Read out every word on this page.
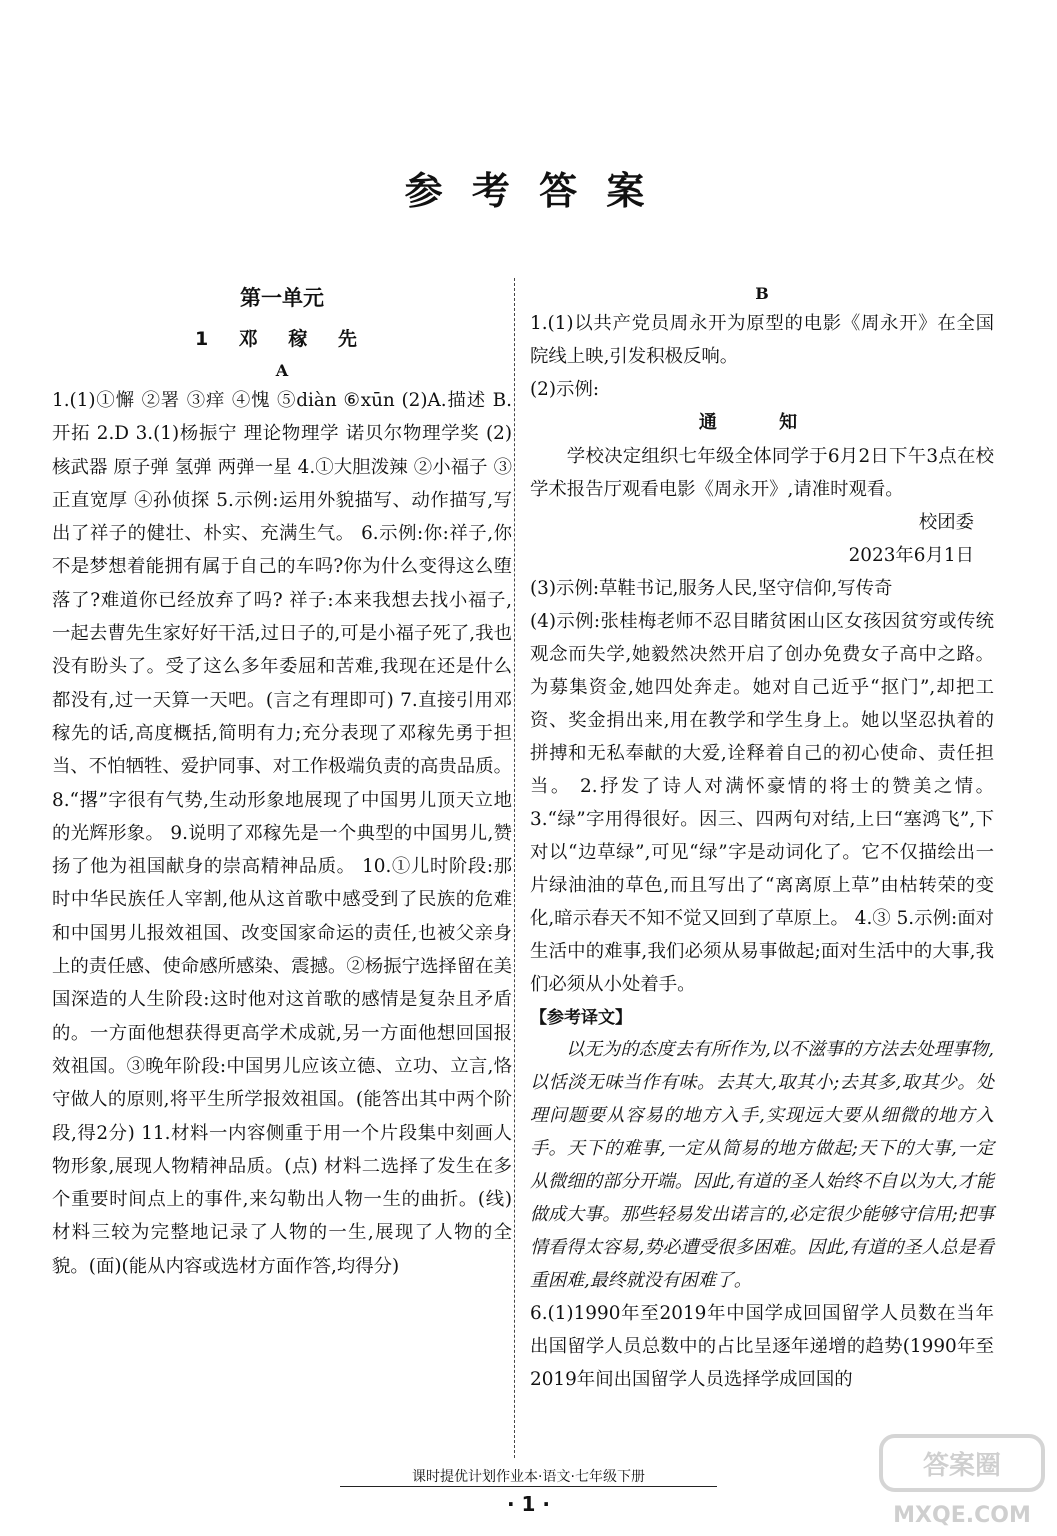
参 考 答 案
第一单元
1 邓 稼 先
A

1.(1)①懈 ②署 ③痒 ④愧 ⑤diàn ⑥xūn (2)A.描述 B.开拓 2.D 3.(1)杨振宁 理论物理学 诺贝尔物理学奖 (2)核武器 原子弹 氢弹 两弹一星 4.①大胆泼辣 ②小福子 ③正直宽厚 ④孙侦探 5.示例:运用外貌描写、动作描写,写出了祥子的健壮、朴实、充满生气。 6.示例:你:祥子,你不是梦想着能拥有属于自己的车吗?你为什么变得这么堕落了?难道你已经放弃了吗? 祥子:本来我想去找小福子,一起去曹先生家好好干活,过日子的,可是小福子死了,我也没有盼头了。受了这么多年委屈和苦难,我现在还是什么都没有,过一天算一天吧。(言之有理即可) 7.直接引用邓稼先的话,高度概括,简明有力;充分表现了邓稼先勇于担当、不怕牺牲、爱护同事、对工作极端负责的高贵品质。 8.“撂”字很有气势,生动形象地展现了中国男儿顶天立地的光辉形象。 9.说明了邓稼先是一个典型的中国男儿,赞扬了他为祖国献身的崇高精神品质。 10.①儿时阶段:那时中华民族任人宰割,他从这首歌中感受到了民族的危难和中国男儿报效祖国、改变国家命运的责任,也被父亲身上的责任感、使命感所感染、震撼。②杨振宁选择留在美国深造的人生阶段:这时他对这首歌的感情是复杂且矛盾的。一方面他想获得更高学术成就,另一方面他想回国报效祖国。③晚年阶段:中国男儿应该立德、立功、立言,恪守做人的原则,将平生所学报效祖国。(能答出其中两个阶段,得2分) 11.材料一内容侧重于用一个片段集中刻画人物形象,展现人物精神品质。(点) 材料二选择了发生在多个重要时间点上的事件,来勾勒出人物一生的曲折。(线) 材料三较为完整地记录了人物的一生,展现了人物的全貌。(面)(能从内容或选材方面作答,均得分)

B

1.(1)以共产党员周永开为原型的电影《周永开》在全国院线上映,引发积极反响。

(2)示例:

通 知

学校决定组织七年级全体同学于6月2日下午3点在校学术报告厅观看电影《周永开》,请准时观看。

校团委

2023年6月1日

(3)示例:草鞋书记,服务人民,坚守信仰,写传奇

(4)示例:张桂梅老师不忍目睹贫困山区女孩因贫穷或传统观念而失学,她毅然决然开启了创办免费女子高中之路。为募集资金,她四处奔走。她对自己近乎“抠门”,却把工资、奖金捐出来,用在教学和学生身上。她以坚忍执着的拼搏和无私奉献的大爱,诠释着自己的初心使命、责任担当。 2.抒发了诗人对满怀豪情的将士的赞美之情。 3.“绿”字用得很好。因三、四两句对结,上曰“塞鸿飞”,下对以“边草绿”,可见“绿”字是动词化了。它不仅描绘出一片绿油油的草色,而且写出了“离离原上草”由枯转荣的变化,暗示春天不知不觉又回到了草原上。 4.③ 5.示例:面对生活中的难事,我们必须从易事做起;面对生活中的大事,我们必须从小处着手。

【参考译文】

以无为的态度去有所作为,以不滋事的方法去处理事物,以恬淡无味当作有味。去其大,取其小;去其多,取其少。处理问题要从容易的地方入手,实现远大要从细微的地方入手。天下的难事,一定从简易的地方做起;天下的大事,一定从微细的部分开端。因此,有道的圣人始终不自以为大,才能做成大事。那些轻易发出诺言的,必定很少能够守信用;把事情看得太容易,势必遭受很多困难。因此,有道的圣人总是看重困难,最终就没有困难了。

6.(1)1990年至2019年中国学成回国留学人员数在当年出国留学人员总数中的占比呈逐年递增的趋势(1990年至2019年间出国留学人员选择学成回国的

课时提优计划作业本·语文·七年级下册
· 1 ·
答案圈
MXQE.COM
